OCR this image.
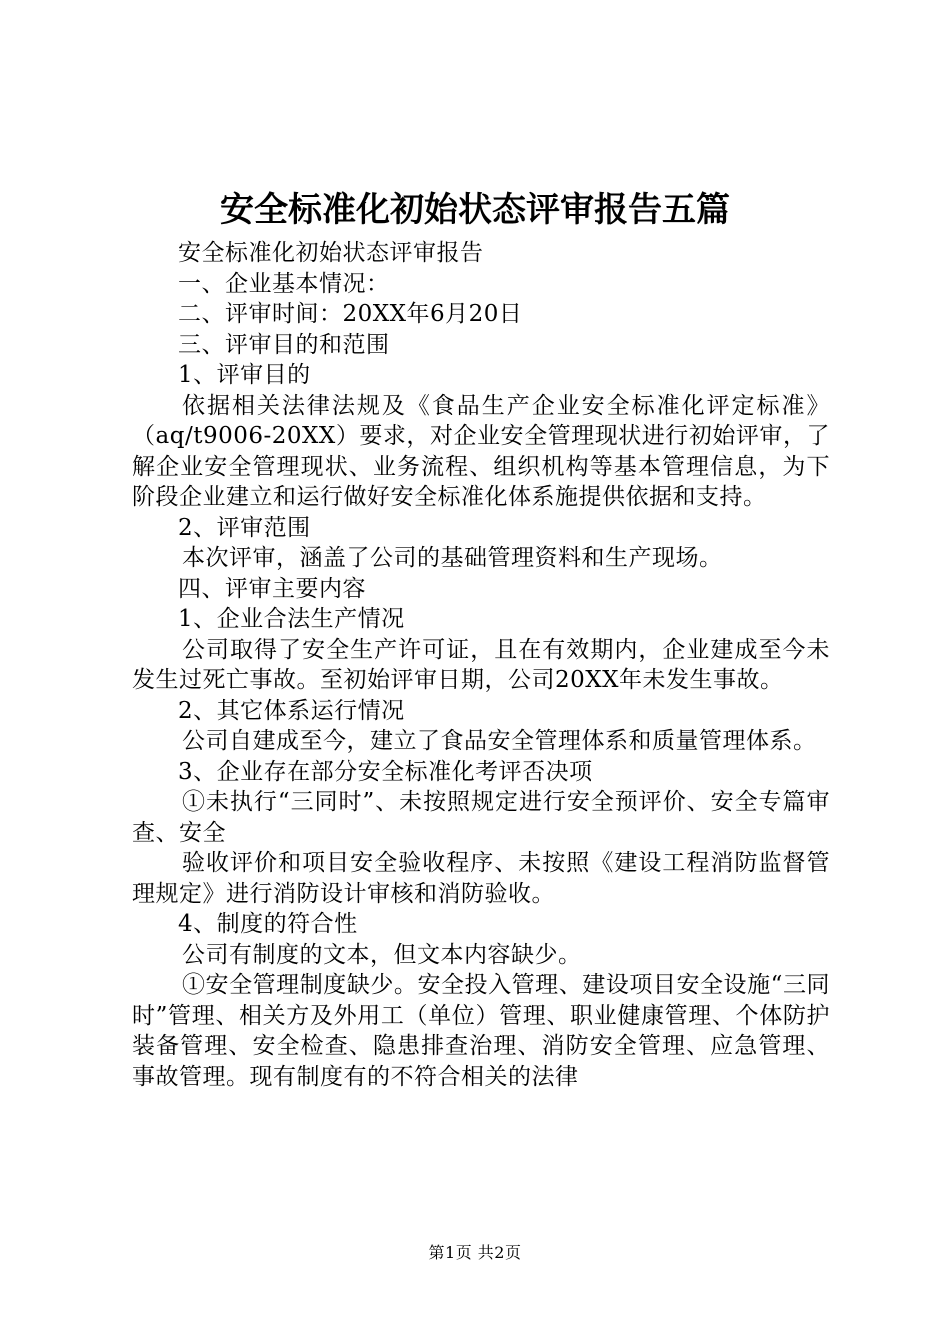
安全标准化初始状态评审报告五篇

安全标准化初始状态评审报告

一、企业基本情况：

二、评审时间：20XX年6月20日

三、评审目的和范围

1、评审目的

依据相关法律法规及《食品生产企业安全标准化评定标准》（aq/t9006-20XX）要求，对企业安全管理现状进行初始评审，了解企业安全管理现状、业务流程、组织机构等基本管理信息，为下阶段企业建立和运行做好安全标准化体系施提供依据和支持。

2、评审范围

本次评审，涵盖了公司的基础管理资料和生产现场。

四、评审主要内容

1、企业合法生产情况

公司取得了安全生产许可证，且在有效期内，企业建成至今未发生过死亡事故。至初始评审日期，公司20XX年未发生事故。

2、其它体系运行情况

公司自建成至今，建立了食品安全管理体系和质量管理体系。

3、企业存在部分安全标准化考评否决项

①未执行“三同时”、未按照规定进行安全预评价、安全专篇审查、安全

验收评价和项目安全验收程序、未按照《建设工程消防监督管理规定》进行消防设计审核和消防验收。

4、制度的符合性

公司有制度的文本，但文本内容缺少。

①安全管理制度缺少。安全投入管理、建设项目安全设施“三同时”管理、相关方及外用工（单位）管理、职业健康管理、个体防护装备管理、安全检查、隐患排查治理、消防安全管理、应急管理、事故管理。现有制度有的不符合相关的法律

第1页 共2页
